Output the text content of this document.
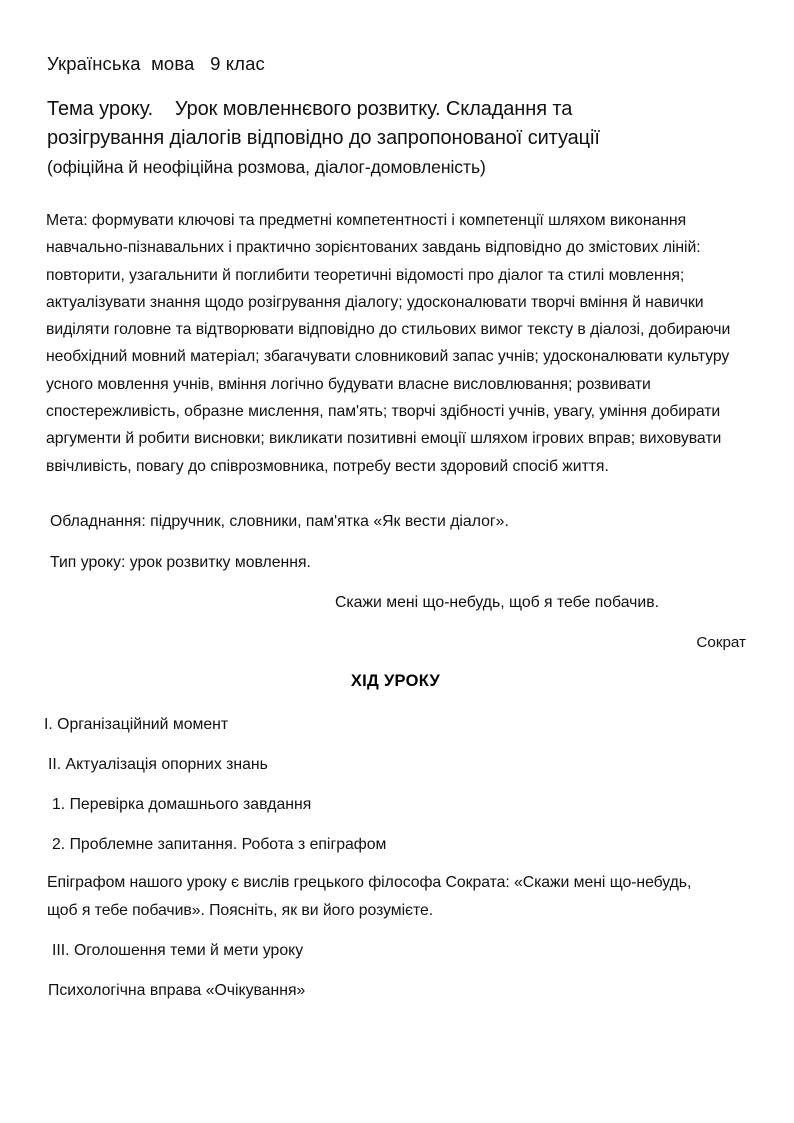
Українська  мова   9 клас
Тема уроку.    Урок мовленнєвого розвитку. Складання та
розігрування діалогів відповідно до запропонованої ситуації
(офіційна й неофіційна розмова, діалог-домовленість)
Мета: формувати ключові та предметні компетентності і компетенції шляхом виконання навчально-пізнавальних і практично зорієнтованих завдань відповідно до змістових ліній: повторити, узагальнити й поглибити теоретичні відомості про діалог та стилі мовлення; актуалізувати знання щодо розігрування діалогу; удосконалювати творчі вміння й навички виділяти головне та відтворювати відповідно до стильових вимог тексту в діалозі, добираючи необхідний мовний матеріал; збагачувати словниковий запас учнів; удосконалювати культуру усного мовлення учнів, вміння логічно будувати власне висловлювання; розвивати спостережливість, образне мислення, пам'ять; творчі здібності учнів, увагу, уміння добирати аргументи й робити висновки; викликати позитивні емоції шляхом ігрових вправ; виховувати ввічливість, повагу до співрозмовника, потребу вести здоровий спосіб життя.
Обладнання: підручник, словники, пам'ятка «Як вести діалог».
Тип уроку: урок розвитку мовлення.
Скажи мені що-небудь, щоб я тебе побачив.
Сократ
ХІД УРОКУ
I. Організаційний момент
II. Актуалізація опорних знань
1. Перевірка домашнього завдання
2. Проблемне запитання. Робота з епіграфом
Епіграфом нашого уроку є вислів грецького філософа Сократа: «Скажи мені що-небудь, щоб я тебе побачив». Поясніть, як ви його розумієте.
III. Оголошення теми й мети уроку
Психологічна вправа «Очікування»
